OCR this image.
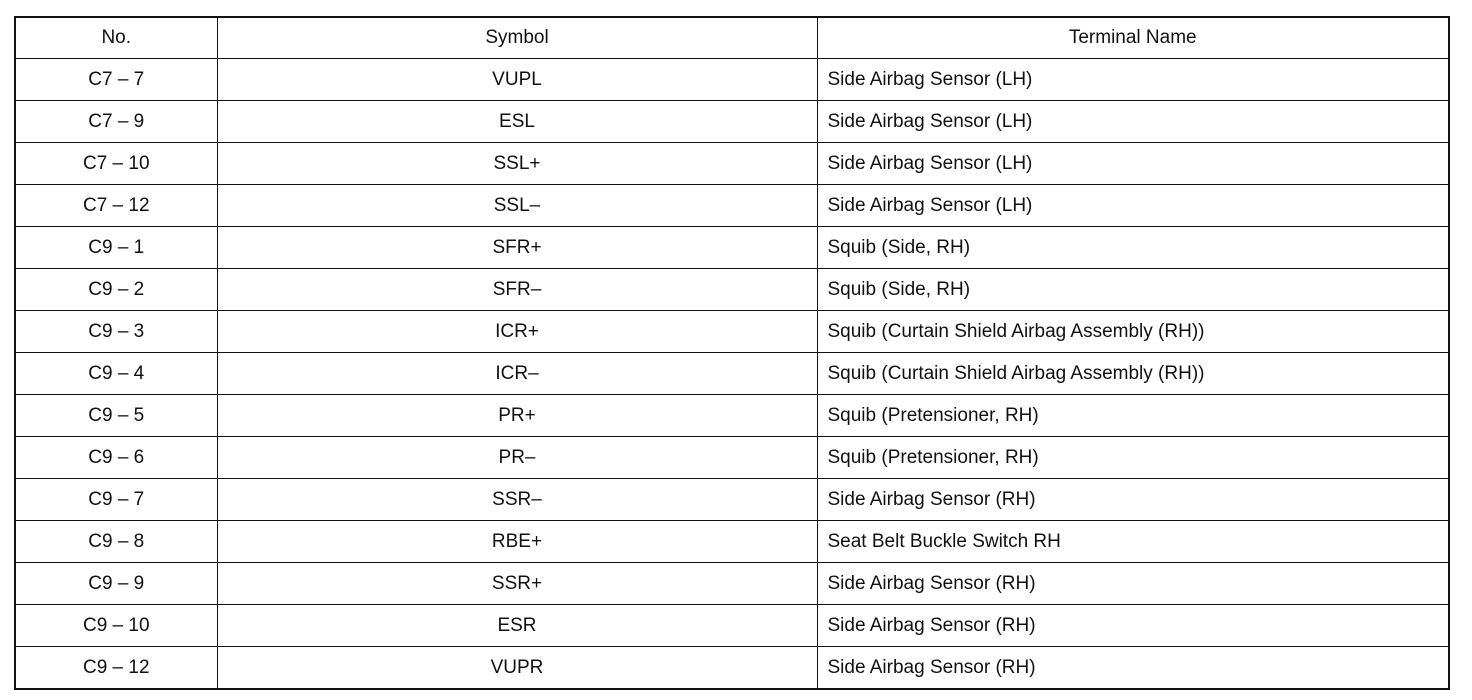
No.	Symbol	Terminal Name
C7 – 7	VUPL	Side Airbag Sensor (LH)
C7 – 9	ESL	Side Airbag Sensor (LH)
C7 – 10	SSL+	Side Airbag Sensor (LH)
C7 – 12	SSL–	Side Airbag Sensor (LH)
C9 – 1	SFR+	Squib (Side, RH)
C9 – 2	SFR–	Squib (Side, RH)
C9 – 3	ICR+	Squib (Curtain Shield Airbag Assembly (RH))
C9 – 4	ICR–	Squib (Curtain Shield Airbag Assembly (RH))
C9 – 5	PR+	Squib (Pretensioner, RH)
C9 – 6	PR–	Squib (Pretensioner, RH)
C9 – 7	SSR–	Side Airbag Sensor (RH)
C9 – 8	RBE+	Seat Belt Buckle Switch RH
C9 – 9	SSR+	Side Airbag Sensor (RH)
C9 – 10	ESR	Side Airbag Sensor (RH)
C9 – 12	VUPR	Side Airbag Sensor (RH)
